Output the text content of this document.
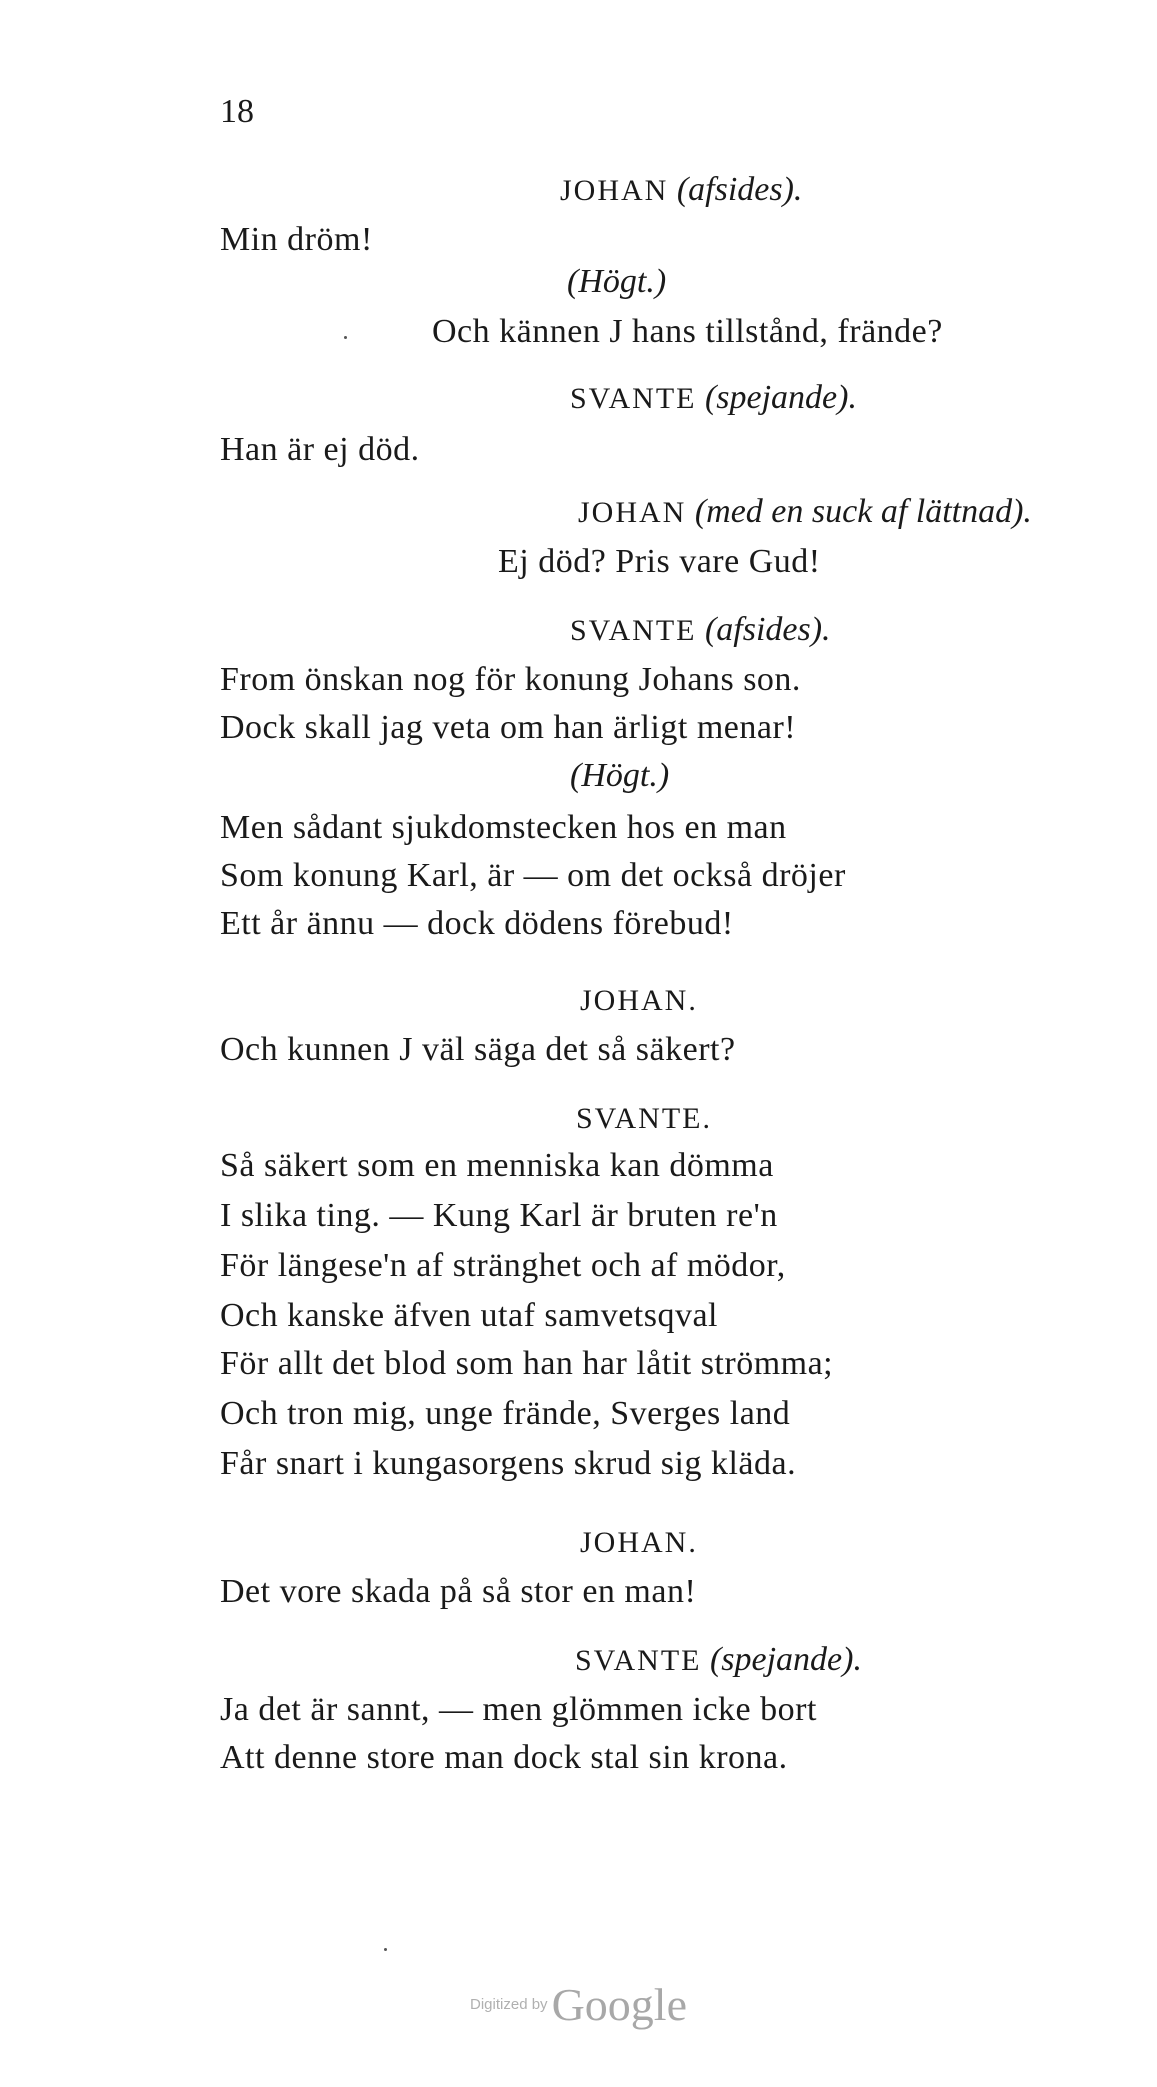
18
JOHAN (afsides).
Min dröm!
(Högt.)
Och kännen J hans tillstånd, frände?
SVANTE (spejande).
Han är ej död.
JOHAN (med en suck af lättnad).
Ej död? Pris vare Gud!
SVANTE (afsides).
From önskan nog för konung Johans son.
Dock skall jag veta om han ärligt menar!
(Högt.)
Men sådant sjukdomstecken hos en man
Som konung Karl, är — om det också dröjer
Ett år ännu — dock dödens förebud!
JOHAN.
Och kunnen J väl säga det så säkert?
SVANTE.
Så säkert som en menniska kan dömma
I slika ting. — Kung Karl är bruten re'n
För längese'n af stränghet och af mödor,
Och kanske äfven utaf samvetsqval
För allt det blod som han har låtit strömma;
Och tron mig, unge frände, Sverges land
Får snart i kungasorgens skrud sig kläda.
JOHAN.
Det vore skada på så stor en man!
SVANTE (spejande).
Ja det är sannt, — men glömmen icke bort
Att denne store man dock stal sin krona.
Digitized by Google
